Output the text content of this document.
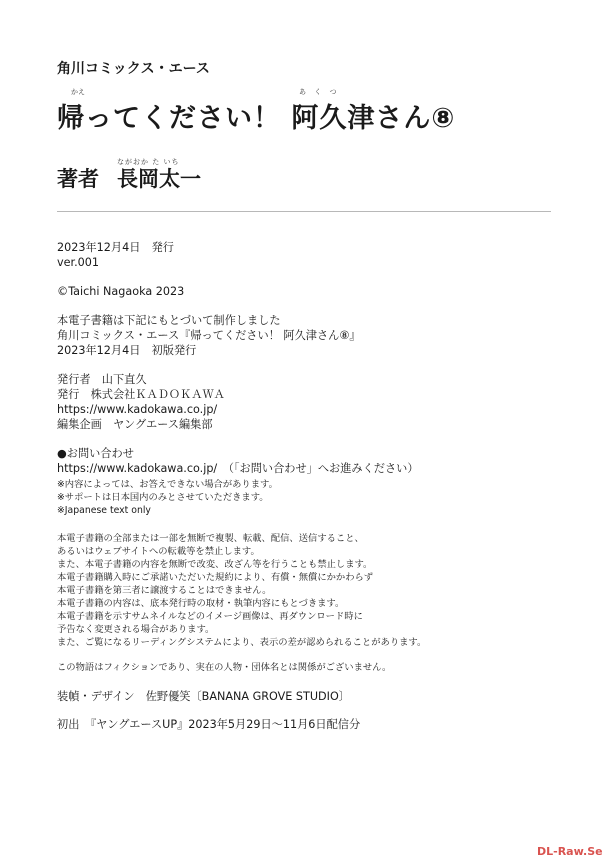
角川コミックス・エース
かえ	あ く つ
帰ってください！ 阿久津さん⑧
ながおか た いち
著者 長岡太一
2023年12月4日　発行
ver.001
©Taichi Nagaoka 2023
本電子書籍は下記にもとづいて制作しました
角川コミックス・エース『帰ってください！ 阿久津さん⑧』
2023年12月4日　初版発行
発行者　山下直久
発行　株式会社ＫＡＤＯＫＡＷＡ
https://www.kadokawa.co.jp/
編集企画　ヤングエース編集部
●お問い合わせ
https://www.kadokawa.co.jp/　（「お問い合わせ」へお進みください）
※内容によっては、お答えできない場合があります。
※サポートは日本国内のみとさせていただきます。
※Japanese text only
本電子書籍の全部または一部を無断で複製、転載、配信、送信すること、
あるいはウェブサイトへの転載等を禁止します。
また、本電子書籍の内容を無断で改変、改ざん等を行うことも禁止します。
本電子書籍購入時にご承諾いただいた規約により、有償・無償にかかわらず
本電子書籍を第三者に譲渡することはできません。
本電子書籍の内容は、底本発行時の取材・執筆内容にもとづきます。
本電子書籍を示すサムネイルなどのイメージ画像は、再ダウンロード時に
予告なく変更される場合があります。
また、ご覧になるリーディングシステムにより、表示の差が認められることがあります。
この物語はフィクションであり、実在の人物・団体名とは関係がございません。
装幀・デザイン　佐野優笑〔BANANA GROVE STUDIO〕
初出　『ヤングエースUP』2023年5月29日〜11月6日配信分
DL-Raw.Se
